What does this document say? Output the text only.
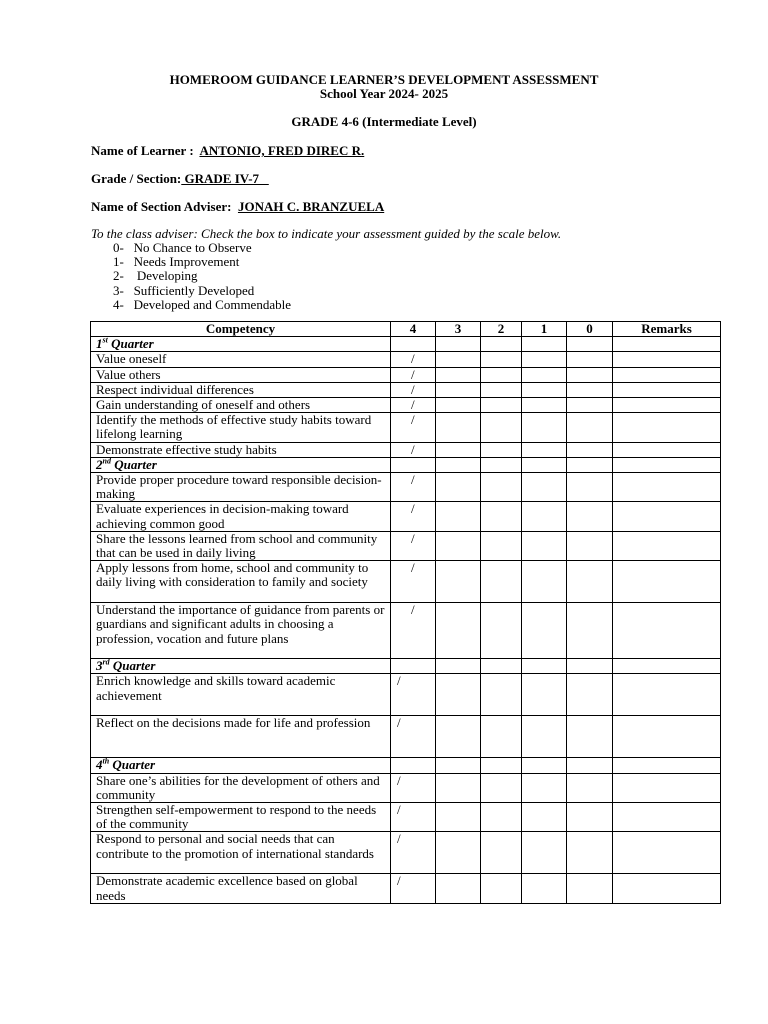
HOMEROOM GUIDANCE LEARNER’S DEVELOPMENT ASSESSMENT
School Year 2024- 2025
GRADE 4-6 (Intermediate Level)
Name of Learner : ANTONIO, FRED DIREC R.
Grade / Section: GRADE IV-7
Name of Section Adviser: JONAH C. BRANZUELA
To the class adviser: Check the box to indicate your assessment guided by the scale below.
0-   No Chance to Observe
1-   Needs Improvement
2-    Developing
3-   Sufficiently Developed
4-   Developed and Commendable
Competency	4	3	2	1	0	Remarks
1st Quarter						
Value oneself	/					
Value others	/					
Respect individual differences	/					
Gain understanding of oneself and others	/					
Identify the methods of effective study habits toward lifelong learning	/					
Demonstrate effective study habits	/					
2nd Quarter						
Provide proper procedure toward responsible decision-making	/					
Evaluate experiences in decision-making toward achieving common good	/					
Share the lessons learned from school and community that can be used in daily living	/					
Apply lessons from home, school and community to daily living with consideration to family and society	/					
Understand the importance of guidance from parents or guardians and significant adults in choosing a profession, vocation and future plans	/					
3rd Quarter						
Enrich knowledge and skills toward academic achievement	/					
Reflect on the decisions made for life and profession	/					
4th Quarter						
Share one’s abilities for the development of others and community	/					
Strengthen self-empowerment to respond to the needs of the community	/					
Respond to personal and social needs that can contribute to the promotion of international standards	/					
Demonstrate academic excellence based on global needs	/					
